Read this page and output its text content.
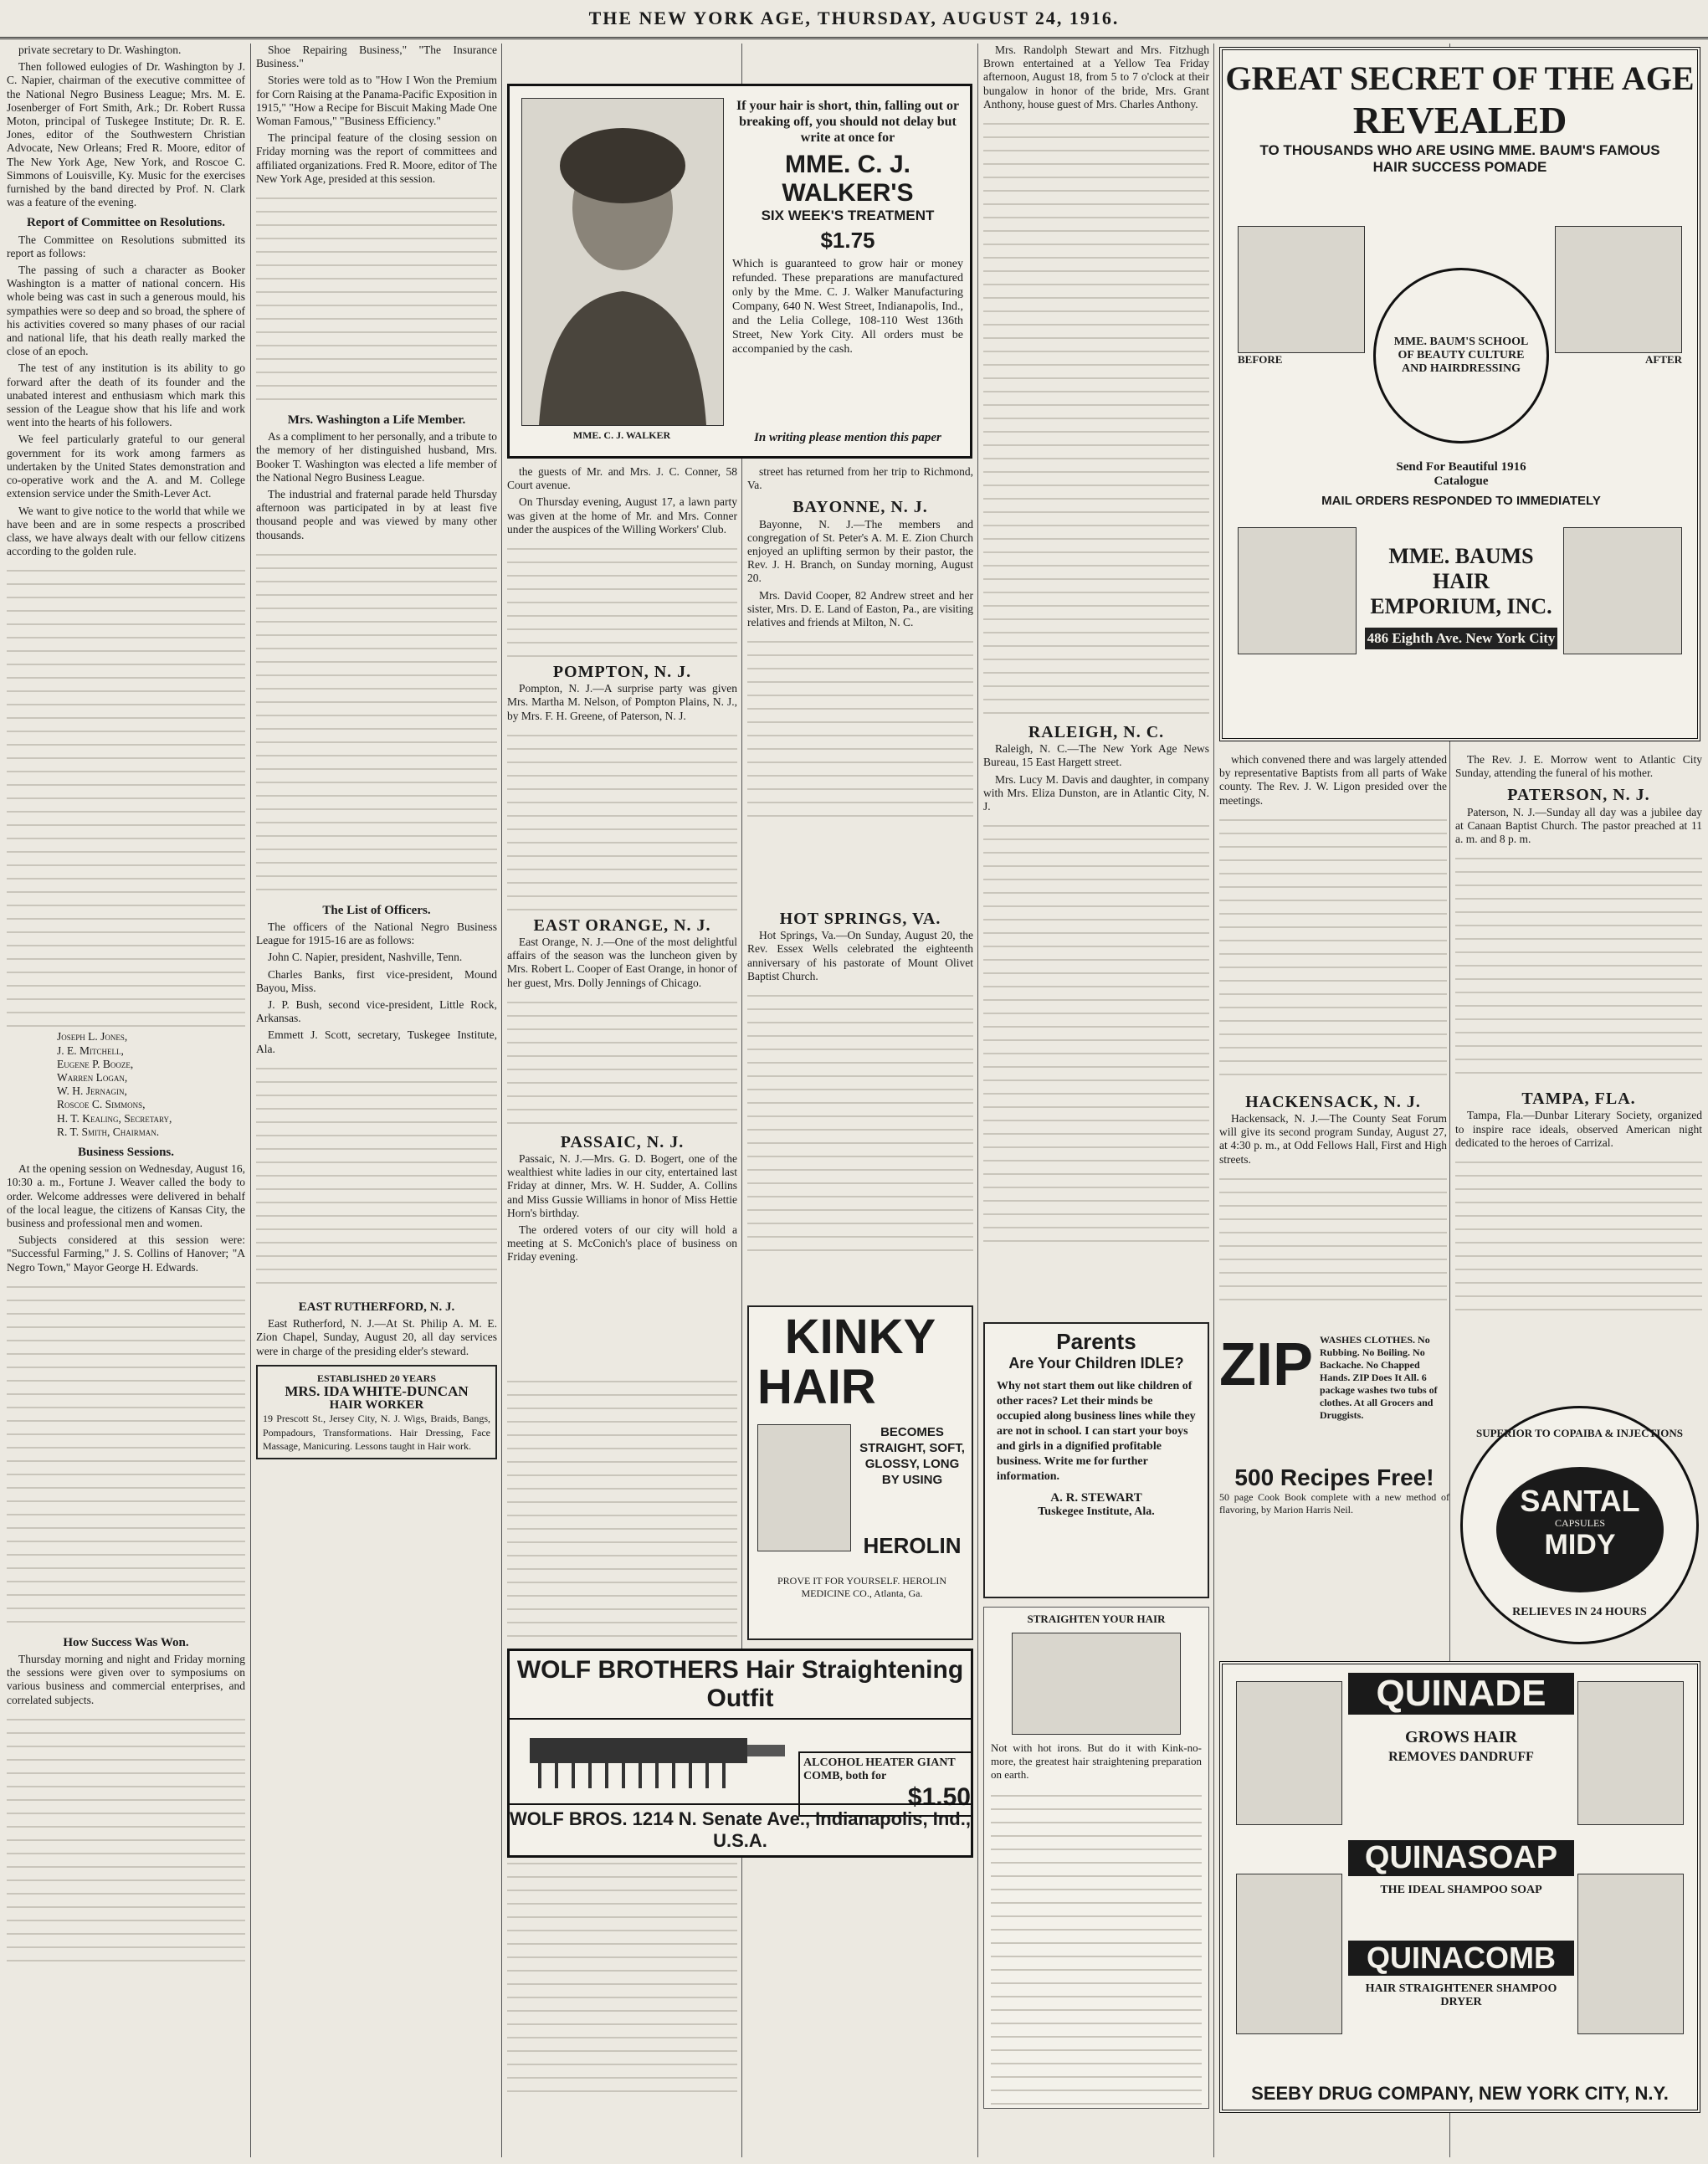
THE NEW YORK AGE, THURSDAY, AUGUST 24, 1916.

private secretary to Dr. Washington.

Then followed eulogies of Dr. Washington by J. C. Napier, chairman of the executive committee of the National Negro Business League; Mrs. M. E. Josenberger of Fort Smith, Ark.; Dr. Robert Russa Moton, principal of Tuskegee Institute; Dr. R. E. Jones, editor of the Southwestern Christian Advocate, New Orleans; Fred R. Moore, editor of The New York Age, New York, and Roscoe C. Simmons of Louisville, Ky. Music for the exercises furnished by the band directed by Prof. N. Clark was a feature of the evening.

Report of Committee on Resolutions.

The Committee on Resolutions submitted its report as follows:

The passing of such a character as Booker Washington is a matter of national concern. His whole being was cast in such a generous mould, his sympathies were so deep and so broad, the sphere of his activities covered so many phases of our racial and national life, that his death really marked the close of an epoch.

The test of any institution is its ability to go forward after the death of its founder and the unabated interest and enthusiasm which mark this session of the League show that his life and work went into the hearts of his followers.

We feel particularly grateful to our general government for its work among farmers as undertaken by the United States demonstration and co-operative work and the A. and M. College extension service under the Smith-Lever Act.

We want to give notice to the world that while we have been and are in some respects a proscribed class, we have always dealt with our fellow citizens according to the golden rule.

Joseph L. Jones,

J. E. Mitchell,

Eugene P. Booze,

Warren Logan,

W. H. Jernagin,

Roscoe C. Simmons,

H. T. Kealing, Secretary,

R. T. Smith, Chairman.

Business Sessions.

At the opening session on Wednesday, August 16, 10:30 a. m., Fortune J. Weaver called the body to order. Welcome addresses were delivered in behalf of the local league, the citizens of Kansas City, the business and professional men and women.

Subjects considered at this session were: "Successful Farming," J. S. Collins of Hanover; "A Negro Town," Mayor George H. Edwards.

How Success Was Won.

Thursday morning and night and Friday morning the sessions were given over to symposiums on various business and commercial enterprises, and correlated subjects.

Shoe Repairing Business," "The Insurance Business."

Stories were told as to "How I Won the Premium for Corn Raising at the Panama-Pacific Exposition in 1915," "How a Recipe for Biscuit Making Made One Woman Famous," "Business Efficiency."

The principal feature of the closing session on Friday morning was the report of committees and affiliated organizations. Fred R. Moore, editor of The New York Age, presided at this session.

Mrs. Washington a Life Member.

As a compliment to her personally, and a tribute to the memory of her distinguished husband, Mrs. Booker T. Washington was elected a life member of the National Negro Business League.

The industrial and fraternal parade held Thursday afternoon was participated in by at least five thousand people and was viewed by many other thousands.

The List of Officers.

The officers of the National Negro Business League for 1915-16 are as follows:

John C. Napier, president, Nashville, Tenn.

Charles Banks, first vice-president, Mound Bayou, Miss.

J. P. Bush, second vice-president, Little Rock, Arkansas.

Emmett J. Scott, secretary, Tuskegee Institute, Ala.

EAST RUTHERFORD, N. J.

East Rutherford, N. J.—At St. Philip A. M. E. Zion Chapel, Sunday, August 20, all day services were in charge of the presiding elder's steward.

ESTABLISHED 20 YEARS
MRS. IDA WHITE-DUNCAN
HAIR WORKER
19 Prescott St., Jersey City, N. J. Wigs, Braids, Bangs, Pompadours, Transformations. Hair Dressing, Face Massage, Manicuring. Lessons taught in Hair work.
MME. C. J. WALKER
If your hair is short, thin, falling out or breaking off, you should not delay but write at once for
MME. C. J. WALKER'S
SIX WEEK'S TREATMENT
$1.75
Which is guaranteed to grow hair or money refunded. These preparations are manufactured only by the Mme. C. J. Walker Manufacturing Company, 640 N. West Street, Indianapolis, Ind., and the Lelia College, 108-110 West 136th Street, New York City. All orders must be accompanied by the cash.
In writing please mention this paper

the guests of Mr. and Mrs. J. C. Conner, 58 Court avenue.

On Thursday evening, August 17, a lawn party was given at the home of Mr. and Mrs. Conner under the auspices of the Willing Workers' Club.

POMPTON, N. J.

Pompton, N. J.—A surprise party was given Mrs. Martha M. Nelson, of Pompton Plains, N. J., by Mrs. F. H. Greene, of Paterson, N. J.

EAST ORANGE, N. J.

East Orange, N. J.—One of the most delightful affairs of the season was the luncheon given by Mrs. Robert L. Cooper of East Orange, in honor of her guest, Mrs. Dolly Jennings of Chicago.

PASSAIC, N. J.

Passaic, N. J.—Mrs. G. D. Bogert, one of the wealthiest white ladies in our city, entertained last Friday at dinner, Mrs. W. H. Sudder, A. Collins and Miss Gussie Williams in honor of Miss Hettie Horn's birthday.

The ordered voters of our city will hold a meeting at S. McConich's place of business on Friday evening.

street has returned from her trip to Richmond, Va.

BAYONNE, N. J.

Bayonne, N. J.—The members and congregation of St. Peter's A. M. E. Zion Church enjoyed an uplifting sermon by their pastor, the Rev. J. H. Branch, on Sunday morning, August 20.

Mrs. David Cooper, 82 Andrew street and her sister, Mrs. D. E. Land of Easton, Pa., are visiting relatives and friends at Milton, N. C.

HOT SPRINGS, VA.

Hot Springs, Va.—On Sunday, August 20, the Rev. Essex Wells celebrated the eighteenth anniversary of his pastorate of Mount Olivet Baptist Church.

KINKY
HAIR
BECOMES STRAIGHT, SOFT, GLOSSY, LONG BY USING
HEROLIN
PROVE IT FOR YOURSELF. HEROLIN MEDICINE CO., Atlanta, Ga.
WOLF BROTHERS Hair Straightening Outfit
ALCOHOL HEATER GIANT COMB, both for
$1.50
WOLF BROS. 1214 N. Senate Ave., Indianapolis, Ind., U.S.A.

Mrs. Randolph Stewart and Mrs. Fitzhugh Brown entertained at a Yellow Tea Friday afternoon, August 18, from 5 to 7 o'clock at their bungalow in honor of the bride, Mrs. Grant Anthony, house guest of Mrs. Charles Anthony.

RALEIGH, N. C.

Raleigh, N. C.—The New York Age News Bureau, 15 East Hargett street.

Mrs. Lucy M. Davis and daughter, in company with Mrs. Eliza Dunston, are in Atlantic City, N. J.

Parents
Are Your Children IDLE?
Why not start them out like children of other races? Let their minds be occupied along business lines while they are not in school. I can start your boys and girls in a dignified profitable business. Write me for further information.
A. R. STEWART
Tuskegee Institute, Ala.
STRAIGHTEN YOUR HAIR
Not with hot irons. But do it with Kink-no-more, the greatest hair straightening preparation on earth.
GREAT SECRET OF THE AGE
REVEALED
TO THOUSANDS WHO ARE USING MME. BAUM'S FAMOUS HAIR SUCCESS POMADE
BEFORE	AFTER
MME. BAUM'S SCHOOL OF BEAUTY CULTURE AND HAIRDRESSING
Send For Beautiful 1916 Catalogue
MAIL ORDERS RESPONDED TO IMMEDIATELY
MME. BAUMS HAIR EMPORIUM, INC.
486 Eighth Ave. New York City

which convened there and was largely attended by representative Baptists from all parts of Wake county. The Rev. J. W. Ligon presided over the meetings.

HACKENSACK, N. J.

Hackensack, N. J.—The County Seat Forum will give its second program Sunday, August 27, at 4:30 p. m., at Odd Fellows Hall, First and High streets.

The Rev. J. E. Morrow went to Atlantic City Sunday, attending the funeral of his mother.

PATERSON, N. J.

Paterson, N. J.—Sunday all day was a jubilee day at Canaan Baptist Church. The pastor preached at 11 a. m. and 8 p. m.

TAMPA, FLA.

Tampa, Fla.—Dunbar Literary Society, organized to inspire race ideals, observed American night dedicated to the heroes of Carrizal.

ZIP WASHES CLOTHES. No Rubbing. No Boiling. No Backache. No Chapped Hands. ZIP Does It All. 6 package washes two tubs of clothes. At all Grocers and Druggists.
500 Recipes Free!
50 page Cook Book complete with a new method of flavoring, by Marion Harris Neil.
SUPERIOR TO COPAIBA & INJECTIONS
SANTAL
CAPSULES
MIDY
RELIEVES IN 24 HOURS
QUINADE
GROWS HAIR
REMOVES DANDRUFF
QUINASOAP
THE IDEAL SHAMPOO SOAP
QUINACOMB
HAIR STRAIGHTENER SHAMPOO DRYER
SEEBY DRUG COMPANY, NEW YORK CITY, N.Y.
